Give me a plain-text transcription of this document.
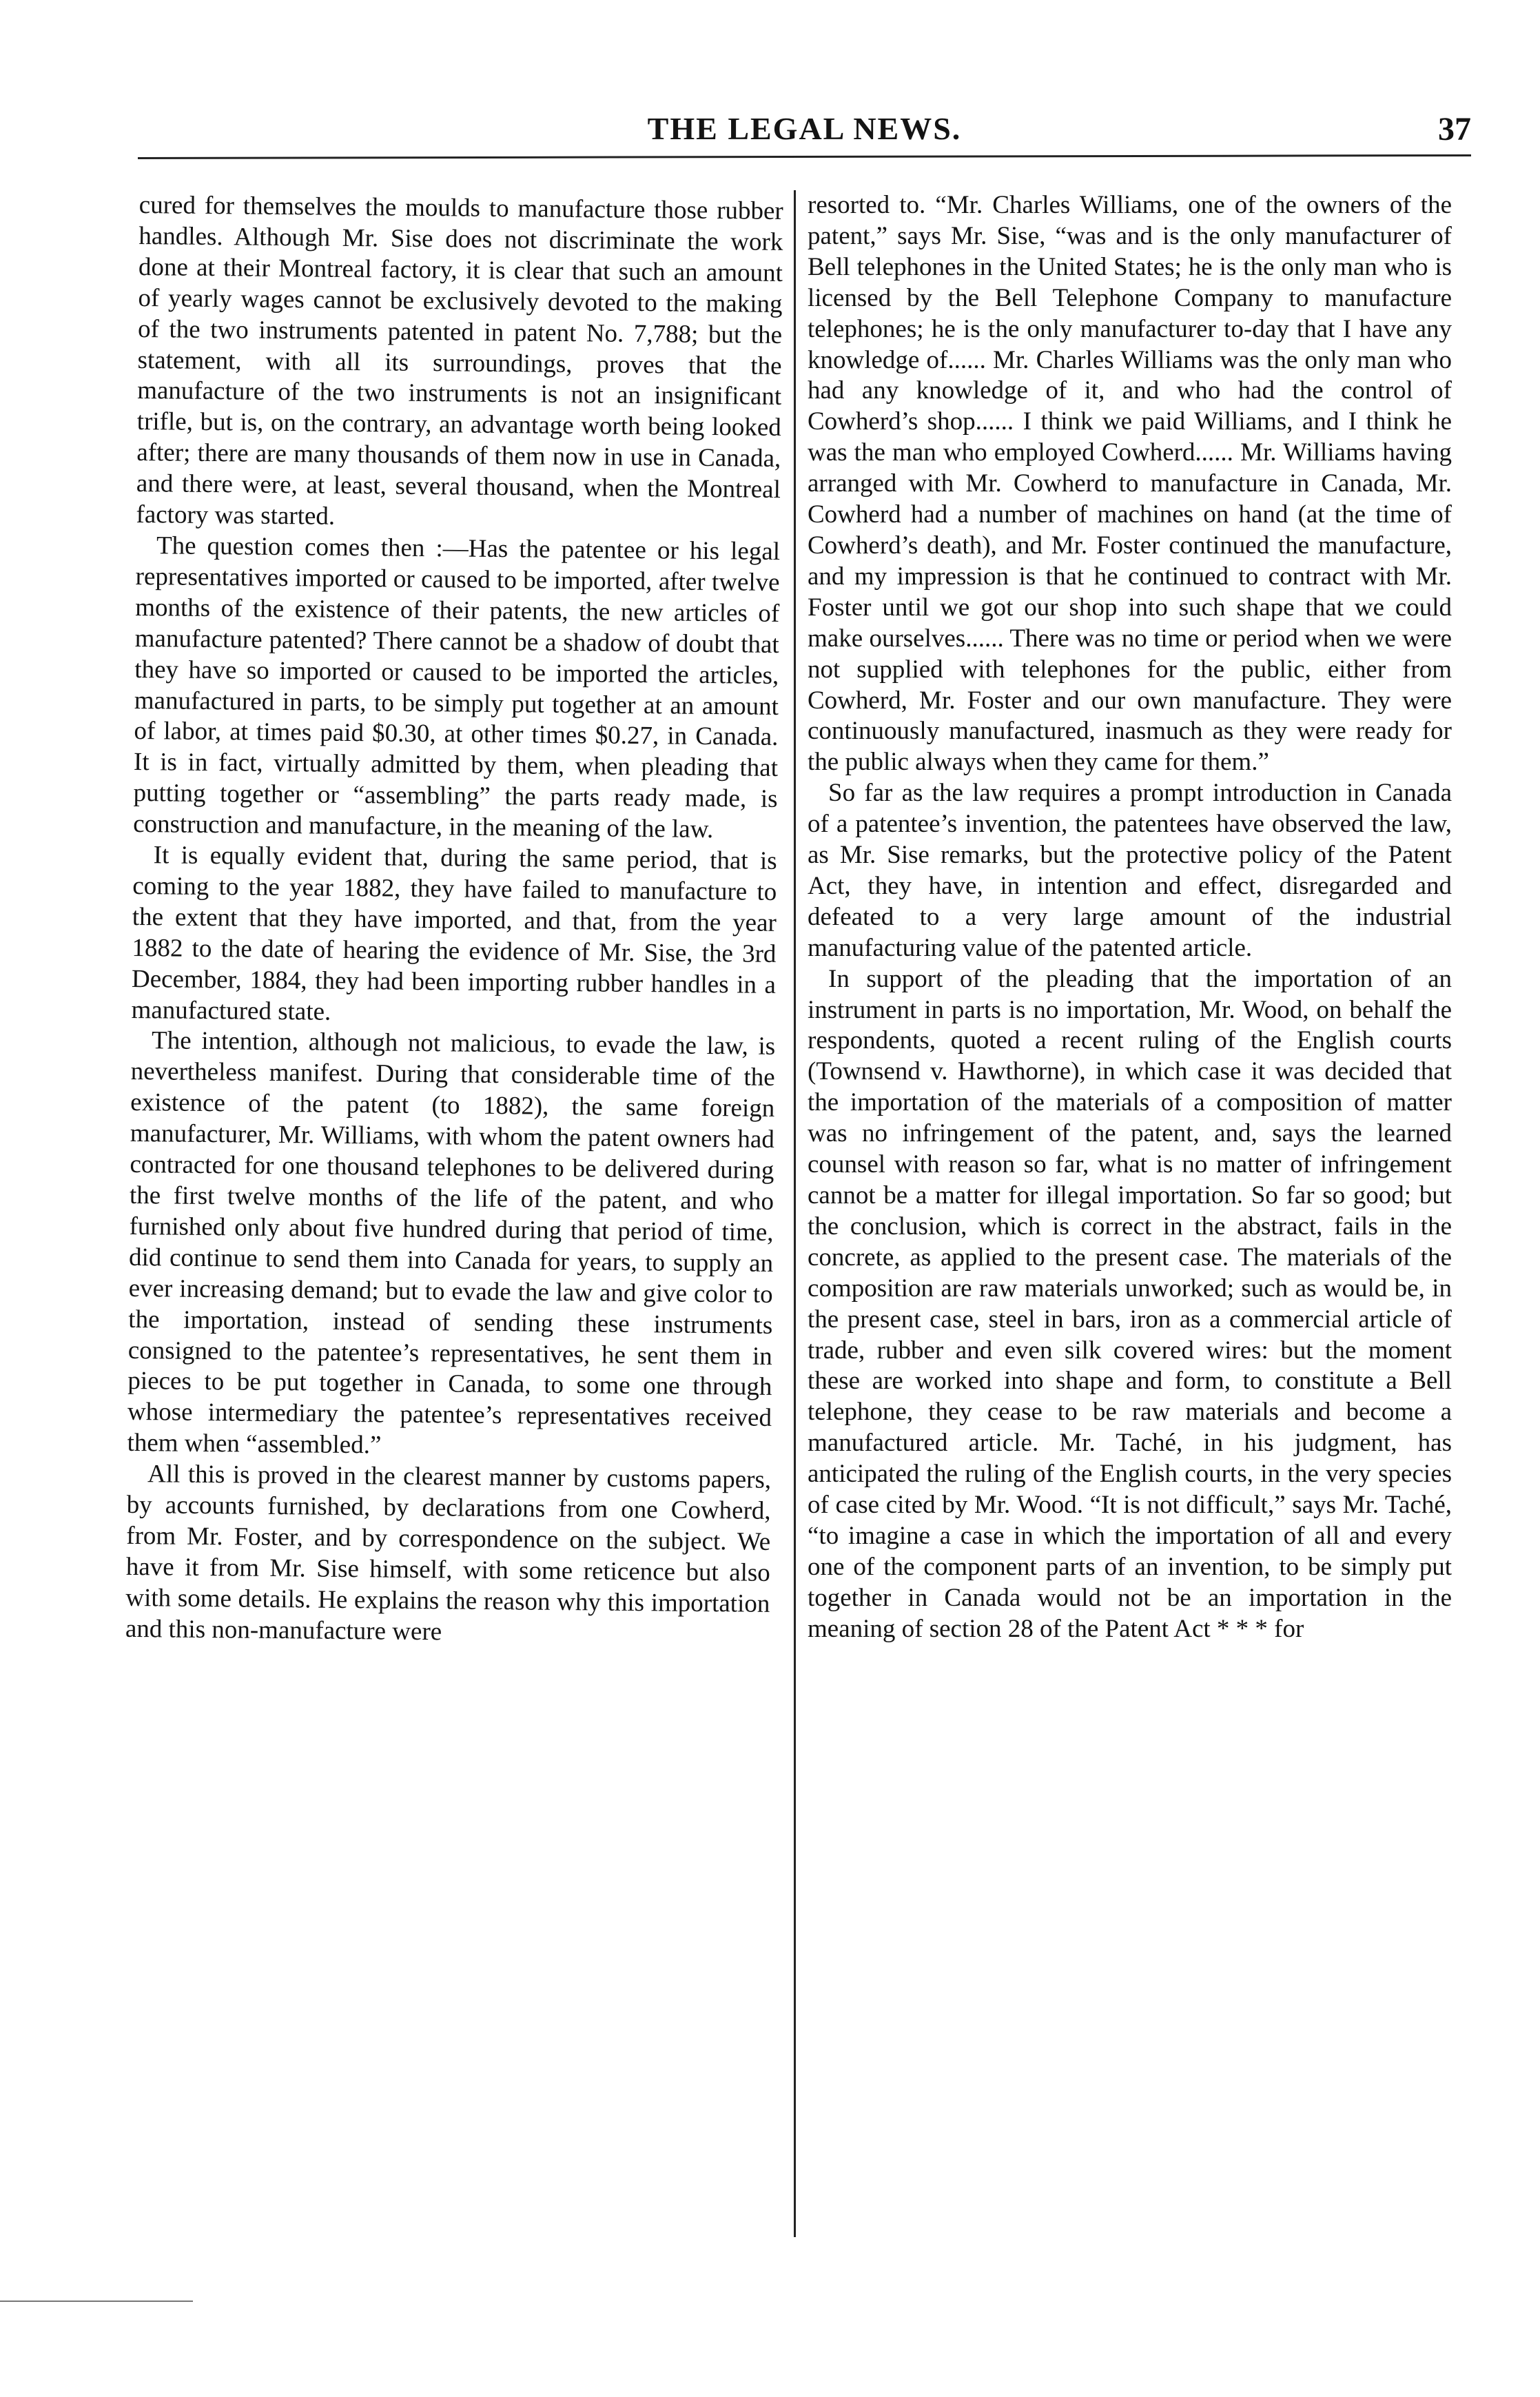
THE LEGAL NEWS.	37

cured for themselves the moulds to manufacture those rubber handles. Although Mr. Sise does not discriminate the work done at their Montreal factory, it is clear that such an amount of yearly wages cannot be exclusively devoted to the making of the two instruments patented in patent No. 7,788; but the statement, with all its surroundings, proves that the manufacture of the two instruments is not an insignificant trifle, but is, on the contrary, an advantage worth being looked after; there are many thousands of them now in use in Canada, and there were, at least, several thousand, when the Montreal factory was started.

The question comes then :—Has the patentee or his legal representatives imported or caused to be imported, after twelve months of the existence of their patents, the new articles of manufacture patented? There cannot be a shadow of doubt that they have so imported or caused to be imported the articles, manufactured in parts, to be simply put together at an amount of labor, at times paid $0.30, at other times $0.27, in Canada. It is in fact, virtually admitted by them, when pleading that putting together or “assembling” the parts ready made, is construction and manufacture, in the meaning of the law.

It is equally evident that, during the same period, that is coming to the year 1882, they have failed to manufacture to the extent that they have imported, and that, from the year 1882 to the date of hearing the evidence of Mr. Sise, the 3rd December, 1884, they had been importing rubber handles in a manufactured state.

The intention, although not malicious, to evade the law, is nevertheless manifest. During that considerable time of the existence of the patent (to 1882), the same foreign manufacturer, Mr. Williams, with whom the patent owners had contracted for one thousand telephones to be delivered during the first twelve months of the life of the patent, and who furnished only about five hundred during that period of time, did continue to send them into Canada for years, to supply an ever increasing demand; but to evade the law and give color to the importation, instead of sending these instruments consigned to the patentee’s representatives, he sent them in pieces to be put together in Canada, to some one through whose intermediary the patentee’s representatives received them when “assembled.”

All this is proved in the clearest manner by customs papers, by accounts furnished, by declarations from one Cowherd, from Mr. Foster, and by correspondence on the subject. We have it from Mr. Sise himself, with some reticence but also with some details. He explains the reason why this importation and this non-manufacture were

resorted to. “Mr. Charles Williams, one of the owners of the patent,” says Mr. Sise, “was and is the only manufacturer of Bell telephones in the United States; he is the only man who is licensed by the Bell Telephone Company to manufacture telephones; he is the only manufacturer to-day that I have any knowledge of...... Mr. Charles Williams was the only man who had any knowledge of it, and who had the control of Cowherd’s shop...... I think we paid Williams, and I think he was the man who employed Cowherd...... Mr. Williams having arranged with Mr. Cowherd to manufacture in Canada, Mr. Cowherd had a number of machines on hand (at the time of Cowherd’s death), and Mr. Foster continued the manufacture, and my impression is that he continued to contract with Mr. Foster until we got our shop into such shape that we could make ourselves...... There was no time or period when we were not supplied with telephones for the public, either from Cowherd, Mr. Foster and our own manufacture. They were continuously manufactured, inasmuch as they were ready for the public always when they came for them.”

So far as the law requires a prompt introduction in Canada of a patentee’s invention, the patentees have observed the law, as Mr. Sise remarks, but the protective policy of the Patent Act, they have, in intention and effect, disregarded and defeated to a very large amount of the industrial manufacturing value of the patented article.

In support of the pleading that the importation of an instrument in parts is no importation, Mr. Wood, on behalf the respondents, quoted a recent ruling of the English courts (Townsend v. Hawthorne), in which case it was decided that the importation of the materials of a composition of matter was no infringement of the patent, and, says the learned counsel with reason so far, what is no matter of infringement cannot be a matter for illegal importation. So far so good; but the conclusion, which is correct in the abstract, fails in the concrete, as applied to the present case. The materials of the composition are raw materials unworked; such as would be, in the present case, steel in bars, iron as a commercial article of trade, rubber and even silk covered wires: but the moment these are worked into shape and form, to constitute a Bell telephone, they cease to be raw materials and become a manufactured article. Mr. Taché, in his judgment, has anticipated the ruling of the English courts, in the very species of case cited by Mr. Wood. “It is not difficult,” says Mr. Taché, “to imagine a case in which the importation of all and every one of the component parts of an invention, to be simply put together in Canada would not be an importation in the meaning of section 28 of the Patent Act * * * for
